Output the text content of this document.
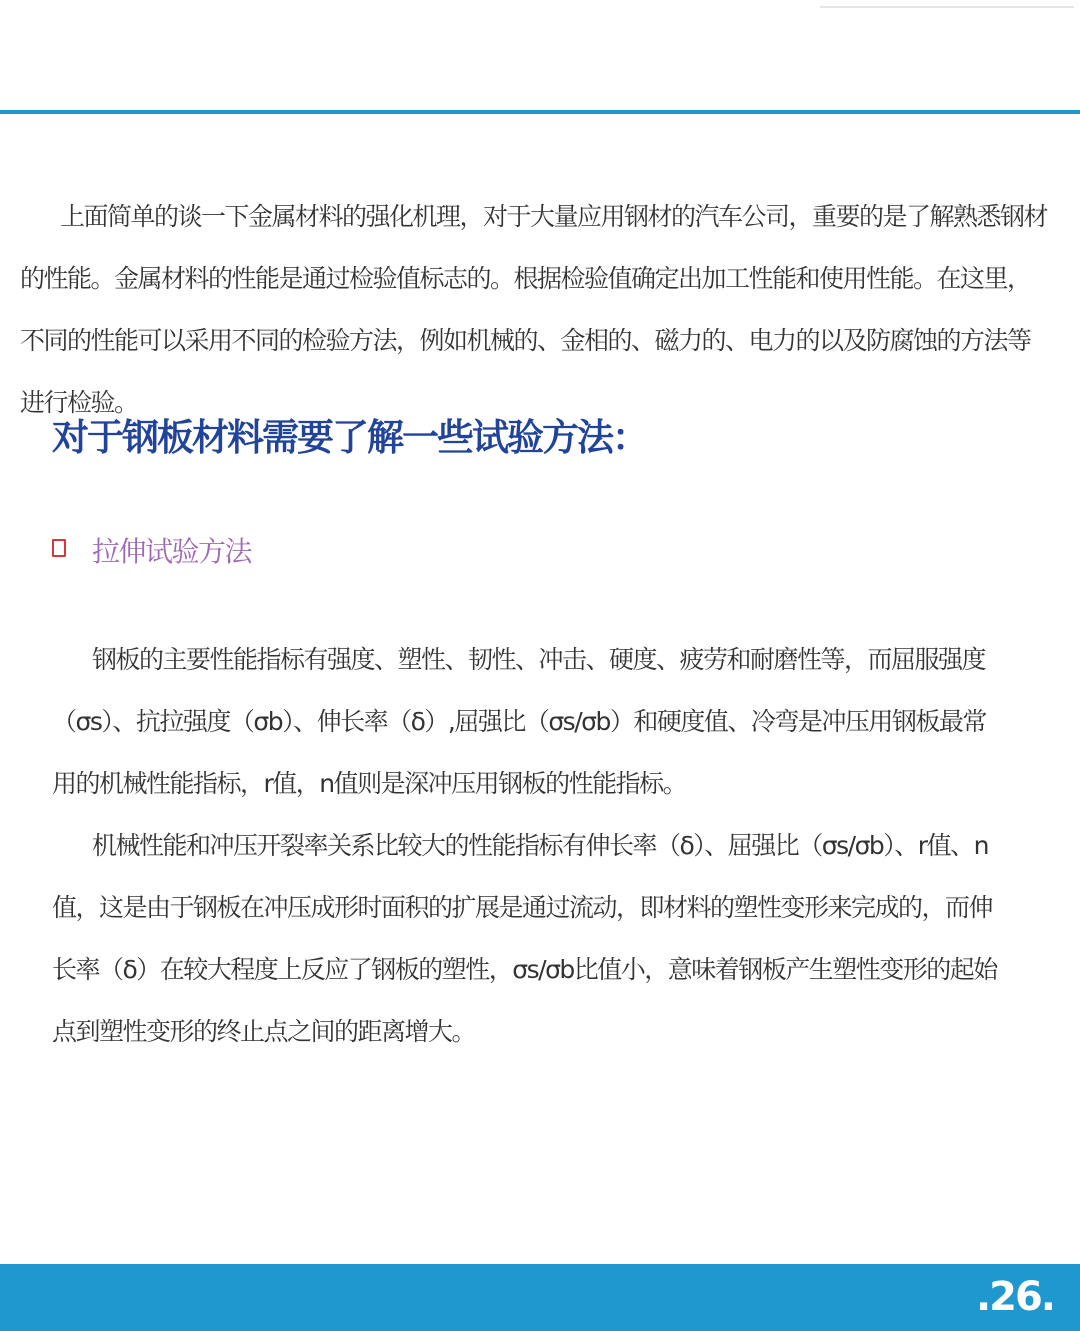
上面简单的谈一下金属材料的强化机理，对于大量应用钢材的汽车公司，重要的是了解熟悉钢材的性能。金属材料的性能是通过检验值标志的。根据检验值确定出加工性能和使用性能。在这里，不同的性能可以采用不同的检验方法，例如机械的、金相的、磁力的、电力的以及防腐蚀的方法等进行检验。

对于钢板材料需要了解一些试验方法：
拉伸试验方法

钢板的主要性能指标有强度、塑性、韧性、冲击、硬度、疲劳和耐磨性等，而屈服强度（σs）、抗拉强度（σb）、伸长率（δ）,屈强比（σs/σb）和硬度值、冷弯是冲压用钢板最常用的机械性能指标，r值，n值则是深冲压用钢板的性能指标。

机械性能和冲压开裂率关系比较大的性能指标有伸长率（δ）、屈强比（σs/σb）、r值、n值，这是由于钢板在冲压成形时面积的扩展是通过流动，即材料的塑性变形来完成的，而伸长率（δ）在较大程度上反应了钢板的塑性，σs/σb比值小，意味着钢板产生塑性变形的起始点到塑性变形的终止点之间的距离增大。

.26.
